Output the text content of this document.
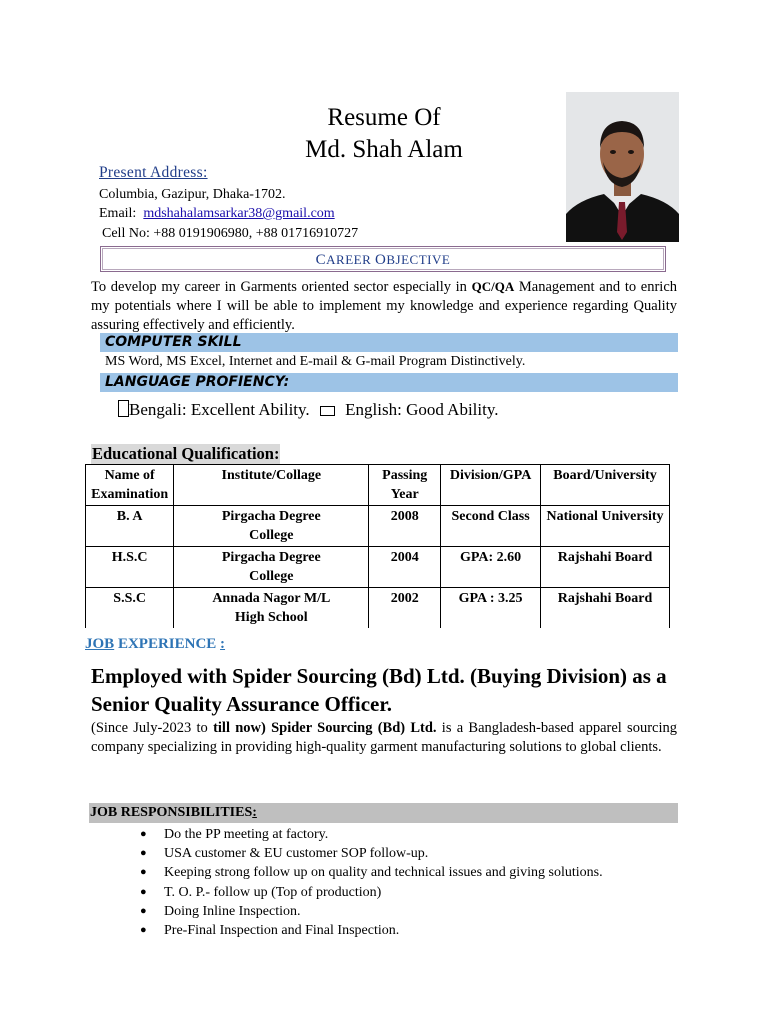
Resume Of
Md. Shah Alam
Present Address:
Columbia, Gazipur, Dhaka-1702.
Email: mdshahalamsarkar38@gmail.com
Cell No: +88 0191906980, +88 01716910727
CAREER OBJECTIVE
To develop my career in Garments oriented sector especially in QC/QA Management and to enrich my potentials where I will be able to implement my knowledge and experience regarding Quality assuring effectively and efficiently.
COMPUTER SKILL
MS Word, MS Excel, Internet and E-mail & G-mail Program Distinctively.
LANGUAGE PROFIENCY:
Bengali: Excellent Ability. English: Good Ability.
Educational Qualification:
Name of Examination	Institute/Collage	Passing Year	Division/GPA	Board/University
B. A	Pirgacha Degree College	2008	Second Class	National University
H.S.C	Pirgacha Degree College	2004	GPA: 2.60	Rajshahi Board
S.S.C	Annada Nagor M/L High School	2002	GPA : 3.25	Rajshahi Board
JOB EXPERIENCE :
Employed with Spider Sourcing (Bd) Ltd. (Buying Division) as a Senior Quality Assurance Officer.
(Since July-2023 to till now) Spider Sourcing (Bd) Ltd. is a Bangladesh-based apparel sourcing company specializing in providing high-quality garment manufacturing solutions to global clients.
JOB RESPONSIBILITIES:
● Do the PP meeting at factory.
● USA customer & EU customer SOP follow-up.
● Keeping strong follow up on quality and technical issues and giving solutions.
● T. O. P.- follow up (Top of production)
● Doing Inline Inspection.
● Pre-Final Inspection and Final Inspection.
